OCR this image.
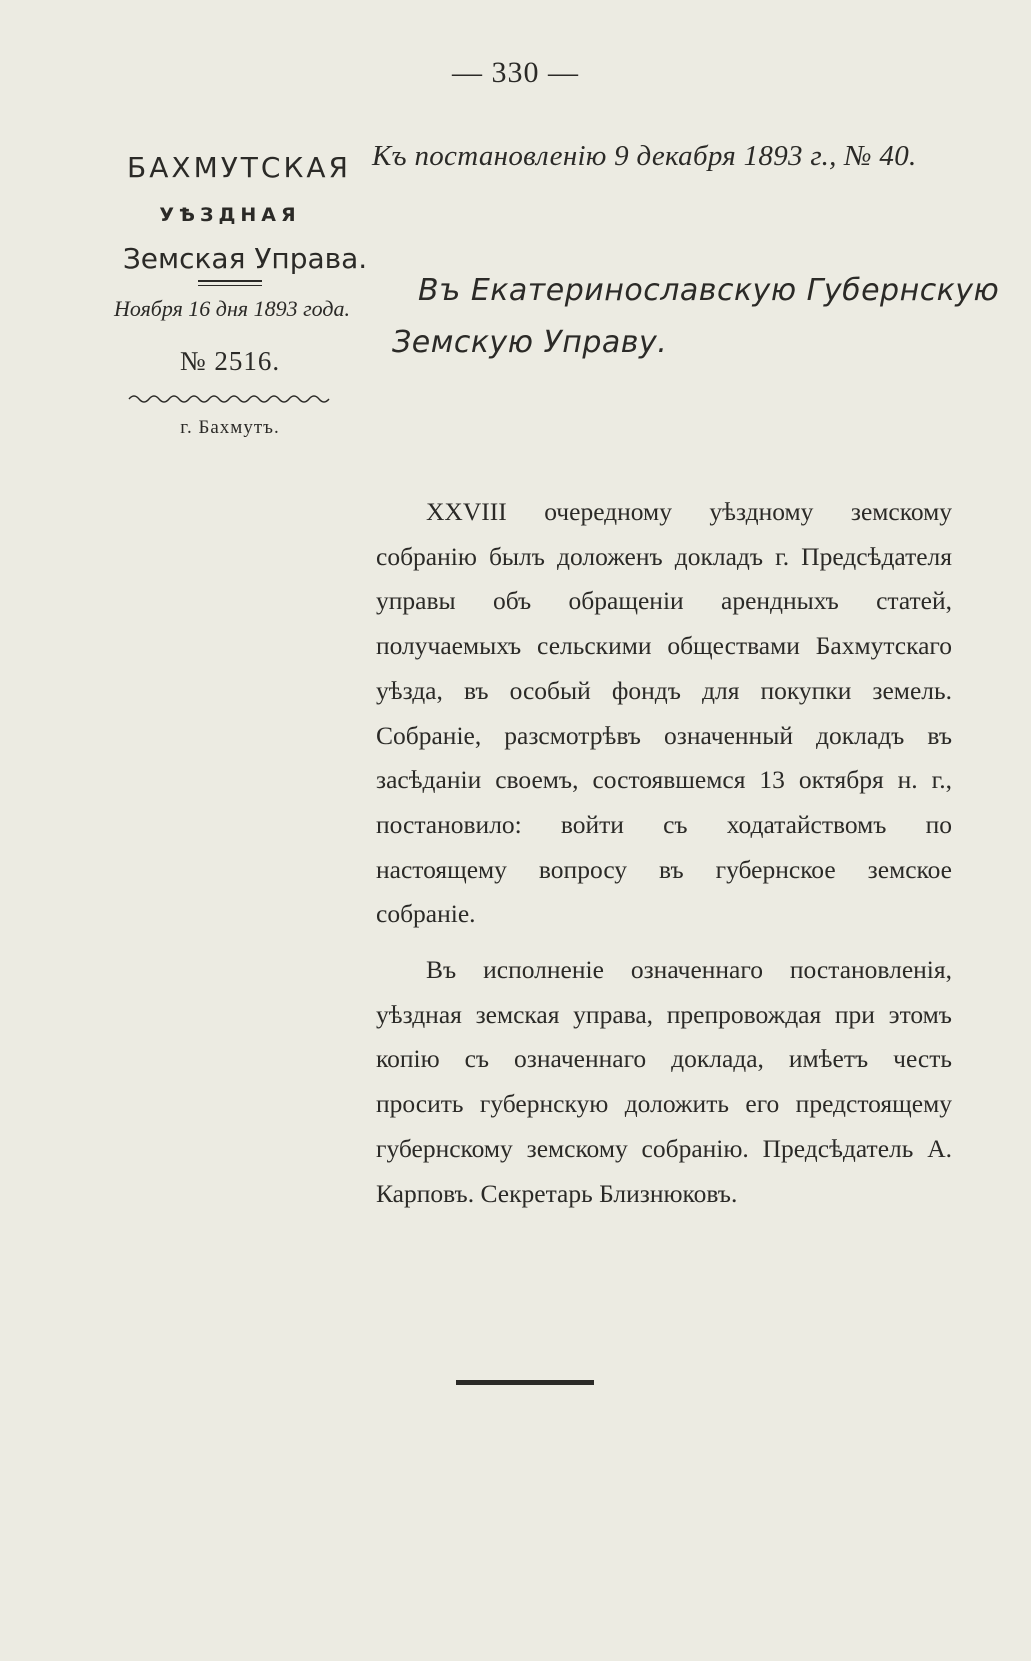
— 330 —
БАХМУТСКАЯ
УѢЗДНАЯ
Земская Управа.
Ноября 16 дня 1893 года.
№ 2516.
г. Бахмутъ.
Къ постановленію 9 декабря 1893 г., № 40.
Въ Екатеринославскую Губернскую
Земскую Управу.

XXVIII очередному уѣздному земскому собранію былъ доложенъ докладъ г. Предсѣдателя управы объ обращеніи арендныхъ статей, получаемыхъ сельскими обществами Бахмутскаго уѣзда, въ особый фондъ для покупки земель. Собраніе, разсмотрѣвъ означенный докладъ въ засѣданіи своемъ, состоявшемся 13 октября н. г., постановило: войти съ ходатайствомъ по настоящему вопросу въ губернское земское собраніе.

Въ исполненіе означеннаго постановленія, уѣздная земская управа, препровождая при этомъ копію съ означеннаго доклада, имѣетъ честь просить губернскую доложить его предстоящему губернскому земскому собранію. Предсѣдатель А. Карповъ. Секретарь Близнюковъ.
